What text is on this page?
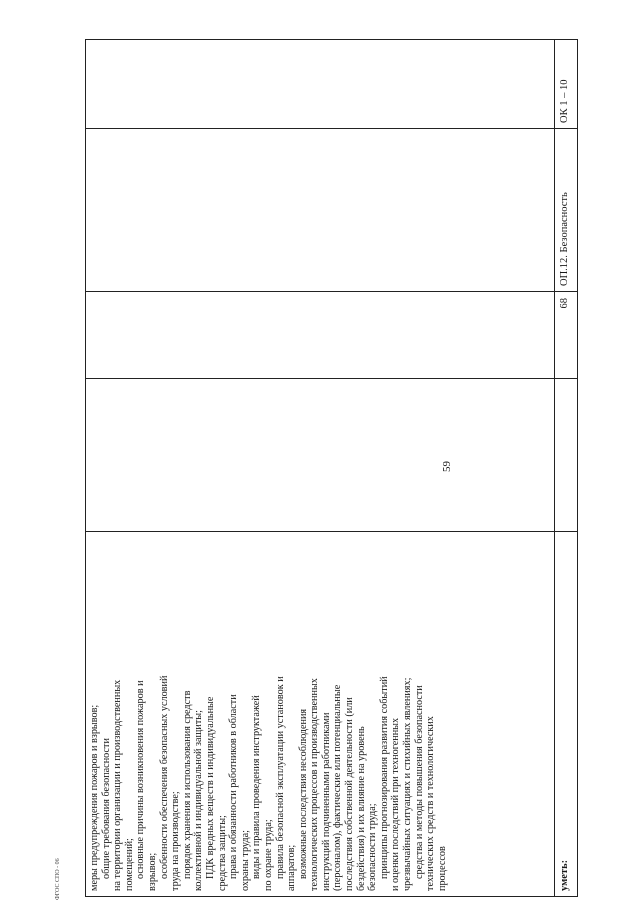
59
ФГОС СПО - 06	меры предупреждения пожаров и взрывов; общие требования безопасности на территории организации и производственных помещений; основные причины возникновения пожаров и взрывов; особенности обеспечения безопасных условий труда на производстве; порядок хранения и использования средств коллективной и индивидуальной защиты; ПДК вредных веществ и индивидуальные средства защиты; права и обязанности работников в области охраны труда; виды и правила проведения инструктажей по охране труда; правила безопасной эксплуатации установок и аппаратов; возможные последствия несоблюдения технологических процессов и производственных инструкций подчиненными работниками (персоналом), фактические или потенциальные последствия собственной деятельности (или бездействия) и их влияние на уровень безопасности труда; принципы прогнозирования развития событий и оценки последствий при техногенных чрезвычайных ситуациях и стихийных явлениях; средства и методы повышения безопасности технических средств и технологических процессов	уметь:
68
ОП.12. Безопасность
ОК 1 – 10
